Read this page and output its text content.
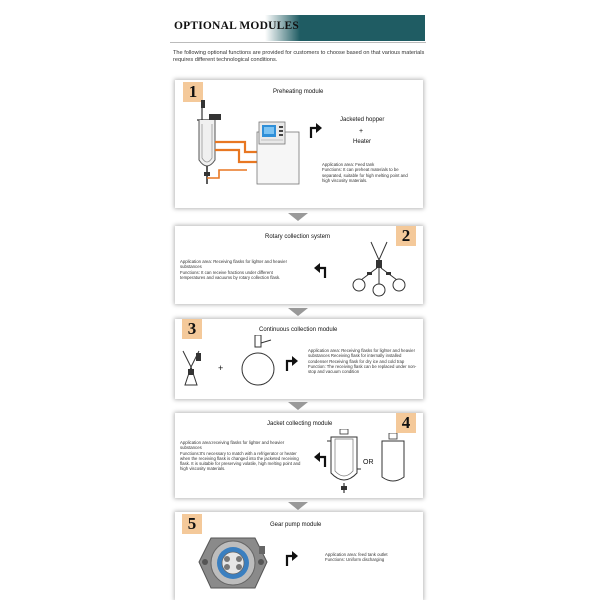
OPTIONAL MODULES
The following optional functions are provided for customers to choose based on that various materials requires different technological conditions.
1	Preheating module
Jacketed hopper
+
Heater
Application area: Feed tank
Functions: It can preheat materials to be separated, suitable for high melting point and high viscosity materials.
2
Rotary collection system
Application area: Receiving flasks for lighter and heavier substances
Functions: It can receive fractions under different temperatures and vacuums by rotary collection flask.
3	Continuous collection module
+
Application area: Receiving flasks for lighter and heavier substances Receiving flask for internally installed condenser Receiving flask for dry ice and cold trap
Function: The receiving flask can be replaced under non-stop and vacuum condition
4
Jacket collecting module
Application area:receiving flasks for lighter and heavier substances
Functions:It's necessary to match with a refrigerator or heater when the receiving flask is changed into the jacketed receiving flask. It is suitable for preserving volatile, high melting point and high viscosity materials.
OR
5	Gear pump module
Application area: feed tank outlet
Functions: Uniform discharging
